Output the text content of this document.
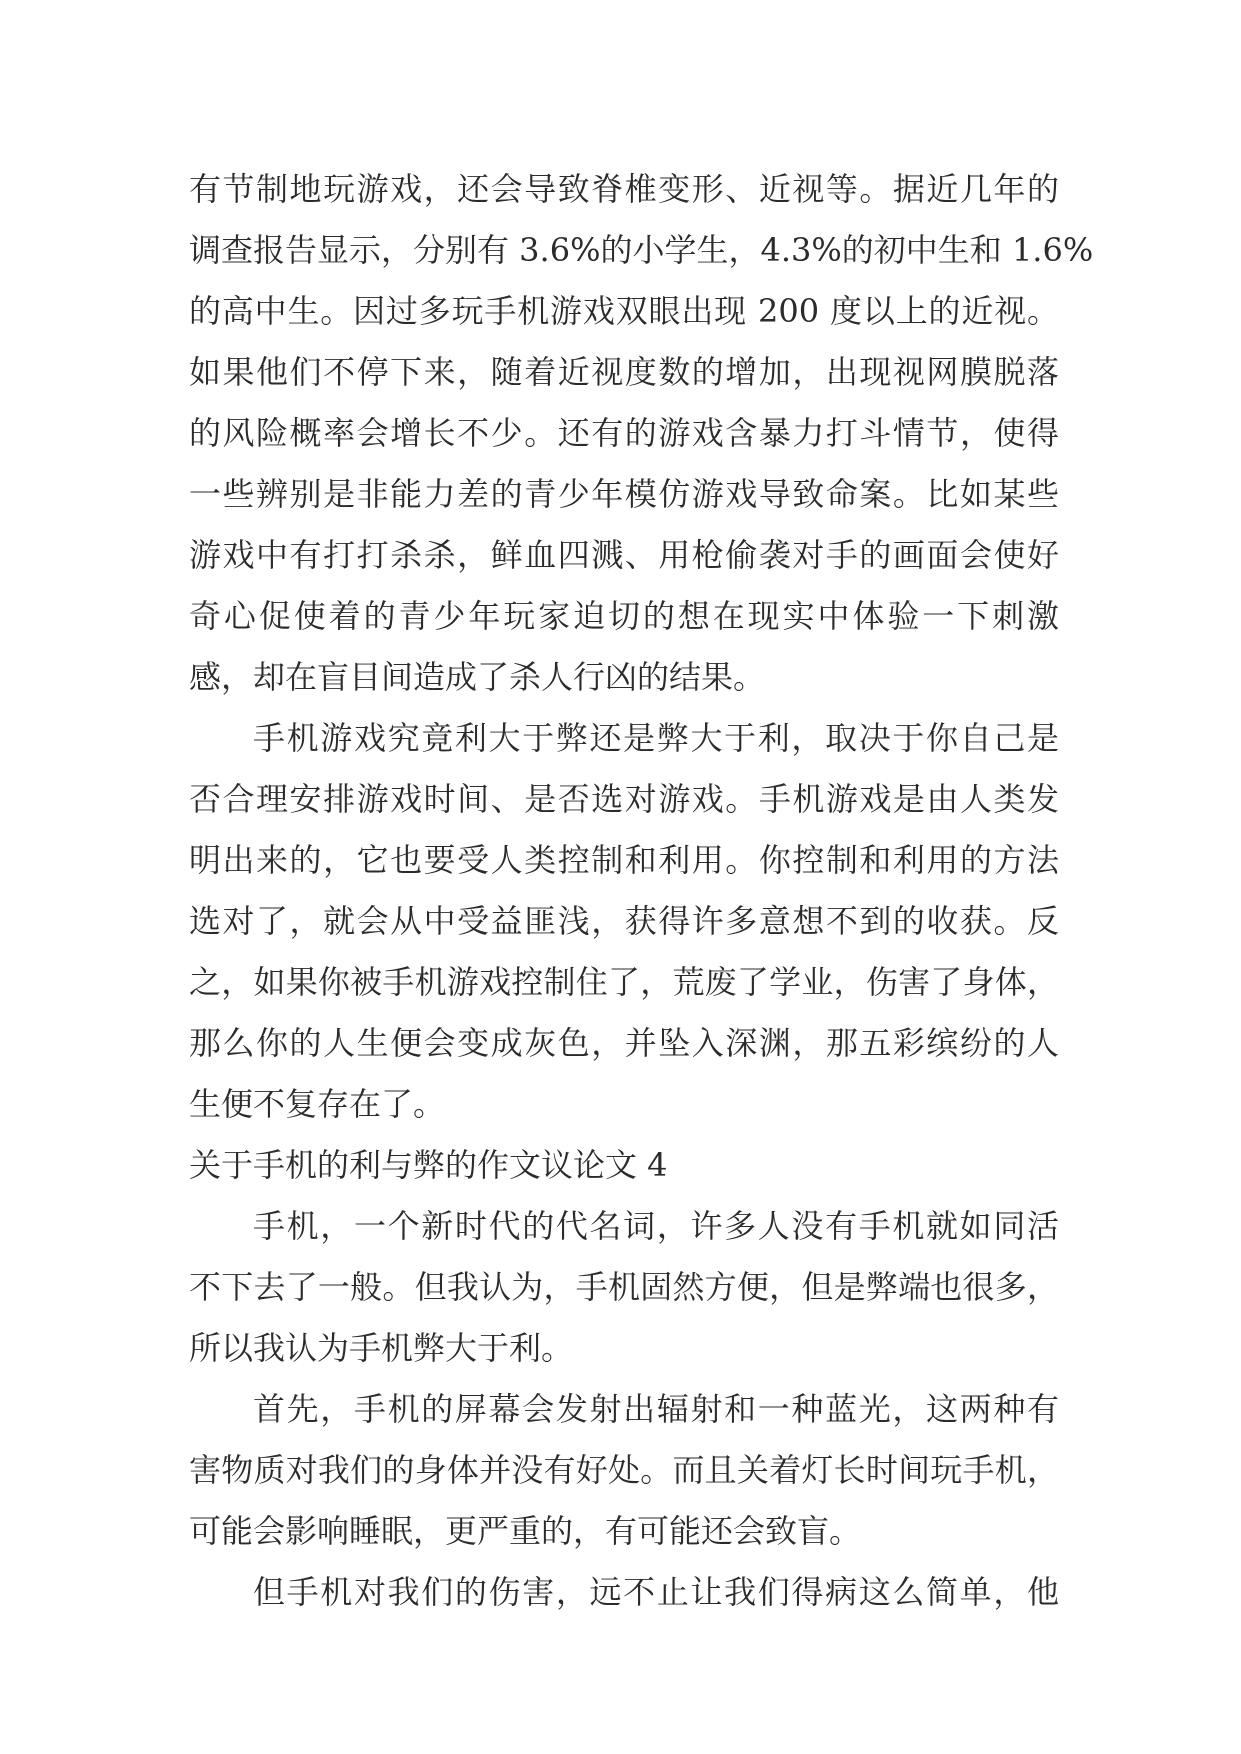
有节制地玩游戏，还会导致脊椎变形、近视等。据近几年的
调查报告显示，分别有 3.6%的小学生，4.3%的初中生和 1.6%
的高中生。因过多玩手机游戏双眼出现 200 度以上的近视。
如果他们不停下来，随着近视度数的增加，出现视网膜脱落
的风险概率会增长不少。还有的游戏含暴力打斗情节，使得
一些辨别是非能力差的青少年模仿游戏导致命案。比如某些
游戏中有打打杀杀，鲜血四溅、用枪偷袭对手的画面会使好
奇心促使着的青少年玩家迫切的想在现实中体验一下刺激
感，却在盲目间造成了杀人行凶的结果。
手机游戏究竟利大于弊还是弊大于利，取决于你自己是
否合理安排游戏时间、是否选对游戏。手机游戏是由人类发
明出来的，它也要受人类控制和利用。你控制和利用的方法
选对了，就会从中受益匪浅，获得许多意想不到的收获。反
之，如果你被手机游戏控制住了，荒废了学业，伤害了身体，
那么你的人生便会变成灰色，并坠入深渊，那五彩缤纷的人
生便不复存在了。
关于手机的利与弊的作文议论文 4
手机，一个新时代的代名词，许多人没有手机就如同活
不下去了一般。但我认为，手机固然方便，但是弊端也很多，
所以我认为手机弊大于利。
首先，手机的屏幕会发射出辐射和一种蓝光，这两种有
害物质对我们的身体并没有好处。而且关着灯长时间玩手机，
可能会影响睡眠，更严重的，有可能还会致盲。
但手机对我们的伤害，远不止让我们得病这么简单，他
